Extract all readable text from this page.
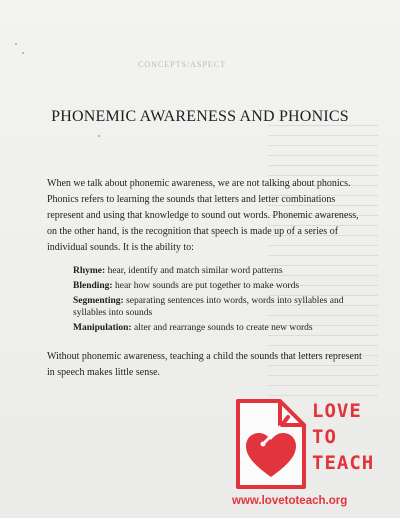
CONCEPTS/ASPECT
PHONEMIC AWARENESS AND PHONICS
When we talk about phonemic awareness, we are not talking about phonics. Phonics refers to learning the sounds that letters and letter combinations represent and using that knowledge to sound out words. Phonemic awareness, on the other hand, is the recognition that speech is made up of a series of individual sounds. It is the ability to:
Rhyme: hear, identify and match similar word patterns
Blending: hear how sounds are put together to make words
Segmenting: separating sentences into words, words into syllables and syllables into sounds
Manipulation: alter and rearrange sounds to create new words
Without phonemic awareness, teaching a child the sounds that letters represent in speech makes little sense.
LOVE
TO
TEACH
www.lovetoteach.org
